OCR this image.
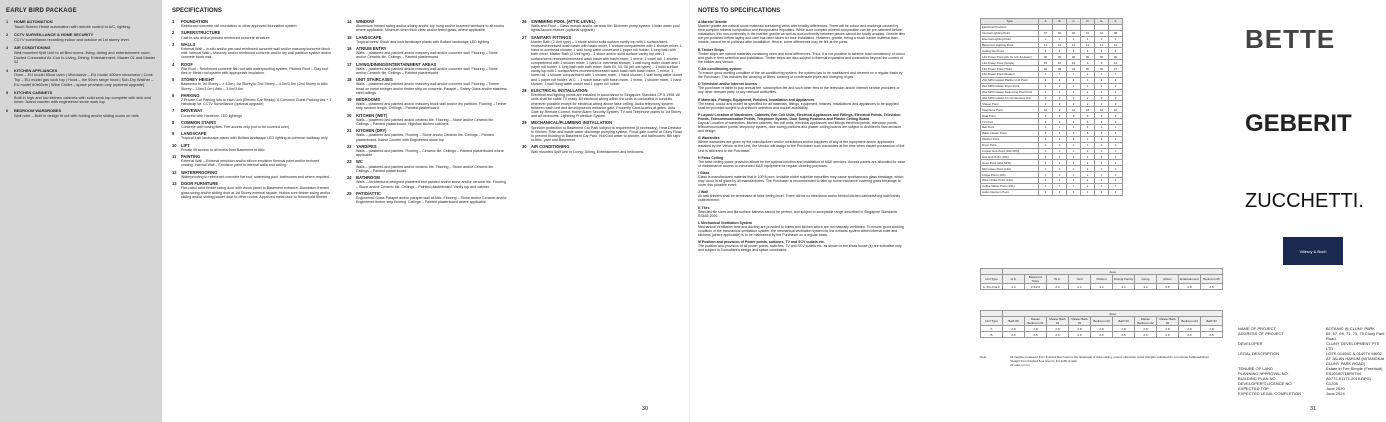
EARLY BIRD PACKAGE
1 HOME AUTOMATION
Touch Screen Home automation with remote control to A/C, lighting.
2 CCTV SURVEILLANCE & HOME SECURITY
CCTV surveillance recording indoor and outdoor at 1st storey level.
3 AIR CONDITIONING
Wall mounted Split Unit to all Bed rooms, living, dining and entertainment room. Ducted Concealed Air-Con to Living, Dining, Entertainment, Master 01 and Master 02
4 KITCHEN APPLIANCES
Oven – EU model 60cm oven | Microwave – EU model 400cm microwave | Cook Top – EU model gas cook top | Hood – the 90cm range hood | Sub-Dry Washer – EU model 60x60cm | Wine Chiller – space provision only (optional upgrade)
5 KITCHEN CABINETS
Built in high and low kitchen cabinets with solid work top complete with sink and mixer. Island counter with engineered stone work top.
6 BEDROOM WARDROBES
Wall robe – Built in design fit out with folding and/or sliding doors on rails
SPECIFICATIONS
1 FOUNDATION
Reinforced concrete raft foundation or other approved foundation system
2 SUPERSTRUCTURE
Cast in-situ and/or precast reinforced concrete structure
3 WALLS
External Wall – in-situ and/or pre-cast reinforced concrete wall and/or masonry/concrete block wall. Internal Wall – Masonry and/or reinforced concrete and/or dry wall partition system and/or concrete block wall.
4 ROOF
Flat Roof – Reinforced concrete flat roof with waterproofing system. Pitched Roof – Clay roof tiles or Metal roof system with appropriate insulation.
5 STOREY HEIGHT
Basement to 1st Storey – ± 4.5m | 1st Storey to 2nd Storey – 4.0m/3.5m | 2nd Storey to Attic Storey – 3.5m/3.0m | Attic – 3.0m/2.5m
6 PARKING
2 Private Car Parking lots to each Unit (Electric Car Ready). 8 Common Guest Parking lots + 1 Handicap lot. CCTV Surveillance (optional upgrade)
7 DRIVEWAY
Concrete with Hardener. LED lightings
8 COMMON STAIRS
Concrete with nosing tiles. Fire access only (not to be covered over)
9 LANDSCAPE
Tropical lush landscape plants with Bollard landscape LED lighting at common walkway only
10 LIFT
Private lift access to all levels from Basement to Attic
11 PAINTING
External Wall – External emulsion and/or silicon emulsion thermal paint and/or textured coating. Internal Wall – Emulsion paint to internal walls and ceiling.
12 WATERPROOFING
Waterproofing to reinforced concrete flat roof, swimming pool, bathrooms and where required.
13 DOOR FURNITURE
Fire-rated solid timber swing door with vision panel to Basement entrance. Aluminium framed glass swing and/or sliding door at 1st Storey external façade. Hollow core timber swing and/or sliding and/or sliding pocket door to other rooms. Approved metal door to Household Shelter
14 WINDOW
Aluminium framed swing and/or sliding and/or top hung and/or louvered windows to all rooms where applicable. Minimum 6mm thick clear and/or tinted glass, where applicable
15 LANDSCAPE
Tropical trees/ Shrub and lush landscape plants with Bollard landscape LED lighting
16 ATRIUM ENTRY
Walls – plastered and painted and/or masonry wall and/or concrete wall. Flooring – Stone and/or Ceramic tile. Ceilings – Painted plasterboard
17 LIVING/DINING/ENTERTAINMENT AREAS
Walls – plastered and painted and/or masonry wall and/or concrete wall. Flooring – Stone and/or Ceramic tile. Ceilings – Painted plasterboard
18 UNIT STAIRCASES
Walls – plastered and painted and/or masonry wall and/or concrete wall. Flooring – Timber tread on metal stringer and/or timber strip on concrete. Parapet – Safety Glass and/or stainless steel railings
19 BEDROOMS
Walls – plastered and painted and/or masonry block wall and/or dry partition. Flooring – Timber strip random length. Ceilings – Painted plasterboard
20 KITCHEN (WET)
Walls – plastered and painted and/or ceramic tile. Flooring – Stone and/or Ceramic tile. Ceilings – Painted plasterboard. High/low kitchen cabinets
21 KITCHEN (DRY)
Walls – plastered and painted. Flooring – Stone and/or Ceramic tile. Ceilings – Painted plasterboard. Island Counter with Engineered stone top
22 YARD/PES
Walls – plastered and painted. Flooring – Ceramic tile. Ceilings – Painted plasterboard where applicable
23 WC
Walls – plastered and painted and/or ceramic tile. Flooring – Stone and/or Ceramic tile. Ceilings – Painted plasterboard
24 BATHROOM
Walls – Architectural designed plastered and painted and/or stone and/or ceramic tile. Flooring – Stone and/or Ceramic tile. Ceilings – Painted plasterboard. Vanity top and cabinet
25 PATIO/ATTIC
Engineered Glass Parapet and/or parapet wall at Attic. Flooring – Stone and/or Ceramic and/or Engineered timber strip flooring. Ceilings – Painted plasterboard where applicable
26 SWIMMING POOL (ATTIC LEVEL)
Walls and Floor – Glass mosaic and/or ceramic tile. Skimmer pump system. Under water pool lights/Jacuzzi feature (optional upgrade)
27 SANITARY FITTINGS
Master Bath (2 Unit type) – 1 stone and/or solid surface vanity top with 1 surface/semi-recessed/recessed wash basin with basin mixer, 1 shower compartment with 1 shower mixer, 1 hand or overhead shower, 1 wall hung water closet and 1 paper roll holder, 1 long bath with bath mixer. Master Bath (3 Unit type) – 1 stone and/or solid surface vanity top with 1 surface/semi-recessed/recessed wash basin with basin mixer, 1 mirror, 1 towel rail, 1 shower compartment with 1 shower mixer, 1 hand or overhead shower, 1 wall hung water closet and 1 paper roll holder, 1 long bath with bath mixer. Bath 03, 04, 05 (all unit types) – 1 solid surface vanity top with 1 surface/semi-recessed/recessed wash basin with basin mixer, 1 mirror, 1 towel rail, 1 shower compartment with 1 shower mixer, 1 hand shower, 1 wall hung water closet and 1 paper roll holder. W.C. – 1 wash basin with basin mixer, 1 mirror, 1 shower mixer, 1 hand shower, 1 wall hung water closet and 1 paper roll holder
28 ELECTRICAL INSTALLATION
Electrical and lighting points are installed in accordance to Singapore Standard CP 5:1998. All units shall be cable TV ready. All electrical wiring within the units is concealed in conduits wherever possible except for electrical wiring above false ceiling. Audio telephony system between each unit and development's entrance gate. Proximity Card Access at gates. Auto Gate by Remote Control. Home Alarm Security System. TV and Telephone points to 1st Storey and all bedrooms. Lightning Protection System
29 MECHANICAL/PLUMBING INSTALLATION
Sprinkler protection to Basement Car Park subject to requirement (if necessary). Heat Detector to Kitchen. Rain and waste water discharge pumping system. Flood gate control at Cluny Road to prevent flooding to Basement Car Park. Hot/Cold water to kitchen, and bathrooms. Bib taps to Attic, yard and Basement
30 AIR CONDITIONING
Wall mounted Split Unit to Living, Dining, Entertainment and bedrooms.
30
NOTES TO SPECIFICATIONS
A Marble/ Granite
Marble/ granite are natural stone materials containing veins with tonality differences. There will be colour and markings caused by their complex mineral composition and incorporated impurities. While such complex mineral composition can be pre-selected before installation, this non-conformity in the marble/ granite as well as non-uniformity between pieces cannot be totally avoided. Granite tiles are pre-polished before laying and care has been taken for their installation. However, granite, being a much harder material than marble, cannot be re-polished after installation. Hence, some differences may be felt at the joints.
B Timber Strips
Timber strips are natural materials containing veins and tonal differences. Thus, it is not possible to achieve total consistency of colour and grain in their selection and installation. Timber strips are also subject to thermal expansion and contraction beyond the control of the builder and Vendor.
C Air-conditioning system
To ensure good working condition of the air-conditioning system, the system has to be maintained and cleaned on a regular basis by the Purchaser. This includes the cleaning of filters, clearing of condensate pipes and charging of gas.
D Television and/or Internet Access
The purchaser is liable to pay annual fee, subscription fee and such other fees to the television and/or internet service providers or any other relevant party or any relevant authorities.
E Materials, Fittings, Equipment, Finishes, Installation and Appliances
The brand, colour and model as specified for all materials, fittings, equipment, finishes, installations and appliances to be supplied shall be provided subject to Architect's selection and market availability.
F Layout/ Location of Wardrobes, Cabinets, Fan Coil Units, Electrical Appliances and Fittings, Electrical Points, Television Points, Telecommunication Points, Telephone System, Door Swing Positions and Plaster Ceiling Board
Layout/ Location of wardrobes, kitchen cabinets, fan coil units, electrical appliances and fittings electrical points, television points, telecommunication points, telephony system, door swing positions and plaster ceiling boards are subject to Architect's final decision and design.
G Warranties
Where warranties are given by the manufacturer and/or contractors and/or suppliers of any of the equipment and/or appliances installed by the Vendor at the Unit, the Vendor will assign to the Purchaser such warranties at the time when vacant possession of the Unit is delivered to the Purchaser.
H False Ceiling
The false ceiling space provision allows for the optimal function and installation of M&E services. Access panels are allocated for ease of maintenance access to concealed M&E equipment for regular cleaning purposes.
I Glass
Glass is manufactured material that is 100% pure. Invisible nickel sulphide impurities may cause spontaneous glass breakage, which may occur in all glass by all manufacturers. The Purchaser is recommended to take up home insurance covering glass breakage to cover this possible event.
J Wall
All wall finishes shall be terminated at false ceiling level. There will be no tiles/stone works behind kitchen cabinets/long bath/vanity cabinet/mirror.
K Tiles
Selected tile sizes and tile surface flatness cannot be perfect, and subject to acceptable range described in Singapore Standards SS483:2000.
L Mechanical Ventilation System
Mechanical Ventilation fans and ducting are provided to toilets and kitchen which are not naturally ventilated. To ensure good working condition of the mechanical ventilation system, the mechanical ventilation system for the exhaust system within internal toilet and kitchens (where applicable) is to be maintained by the Purchaser on a regular basis.
M Position and provision of Power points, switches, TV and SCV outlets etc.
The position and provision of all power points, switches, TV and SCV outlets etc. as shown in the show house (s) are indicative only and subject to Consultant's design and space constraints.
Type	A	B	C	D	E	F
Electrical Provision						
Internal Lighting Point	37	40	40	41	41	38
External Lighting Point	1	1	1	1	1	1
Basement Lighting Point	11	12	11	11	11	11
Ceiling Fan Point	4	4	4	4	4	4
13A Power Point (All, for A/C & Heater)	30	30	30	30	30	30
13A Power Point (Single)	10	10	10	9	9	12
13A Power Point (Twin)	32	36	31	30	30	27
15A Power Point (Heater)	1	1	1	1	1	1
20A SPN Isolator Platform Lift Point	1	1	1	1	1	1
20A SPN Isolator Dryer Point	1	1	1	1	1	1
20A SPN Isolator Swimming Pool Point	1	1	1	1	1	1
32A SPN Isolator AC Condensing Unit	2	2	2	2	2	2
Shaver Point	2	2	2	2	2	2
Telephone Point	10	9	10	10	10	10
Data Point	9	9	9	9	9	9
TV Point	6	6	6	6	6	6
Bell Point	1	1	1	1	1	1
Water Heater Point	6	6	6	6	6	6
Washer Point	1	1	1	1	1	1
Dryer Point	1	1	1	1	1	1
Cooker Hob Point (20A SPN)	1	1	1	1	1	1
Gas Hob Point (13A)	1	1	1	1	1	1
Oven Point (20A SPN)	1	1	1	1	1	1
Microwave Point (13A)	1	1	1	1	1	1
Fridge Point (13A)	1	1	1	1	1	1
Wine Chiller Point (13A)	1	1	1	1	1	1
Coffee Maker Point (13A)	1	1	1	1	1	1
Audio Intercom Point	1	1	1	1	1	1
	Area									
Unit Type	H.S.	Basement Store	W.C.	Yard	Kitchen	Dining/ Family	Living	Atrium	Entertainment	Bedroom 05
A, B,C,D,E,F	2.4	2.3/2.6	2.4	2.4	3.4	3.4	3.4	5.8	2.8	2.8
	Area									
Unit Type	Bath 05	Master Bedroom 01	Master Bath 01	Master Bath 01	Bedroom 03	Bath 03	Master Bedroom 02	Master Bath 02	Bedroom 04	Bath 04
A	2.8	2.8	2.8	2.8	2.8	2.8	2.8	2.8	2.8	2.8
B	2.6	2.6	2.6	2.6	2.6	2.6	2.6	2.6	2.6	2.6
Note	All heights measured from finished floor level to the underside of false ceiling, unless otherwise noted (heights indicated do not include bulkhead/drop).
*Height from finished floor level to the soffit of slab.
All units in mm
NAME OF PROJECT	BOTANIC @ CLUNY PARK
ADDRESS OF PROJECT	65, 67, 69, 71, 73, 75 Cluny Park Road
DEVELOPER	CLUNY DEVELOPMENT PTE LTD
LEGAL DESCRIPTION	LOTS 01494C & 01497V MK02 AT JALAN HARUM (MITANGKAI CLUNY PARK ROAD)
TENURE OF LAND	Estate in Fee Simple (Freehold)
PLANNING APPROVAL NO.	ES20190716R0754
BUILDING PLAN NO.	A0772-01171-2019-BP01
DEVELOPER'S LICENCE NO.	C1205
EXPECTED TOP	June 2020
EXPECTED LEGAL COMPLETION	June 2024
31
BETTE
GEBERIT
ZUCCHETTI.
Villeroy & Boch
